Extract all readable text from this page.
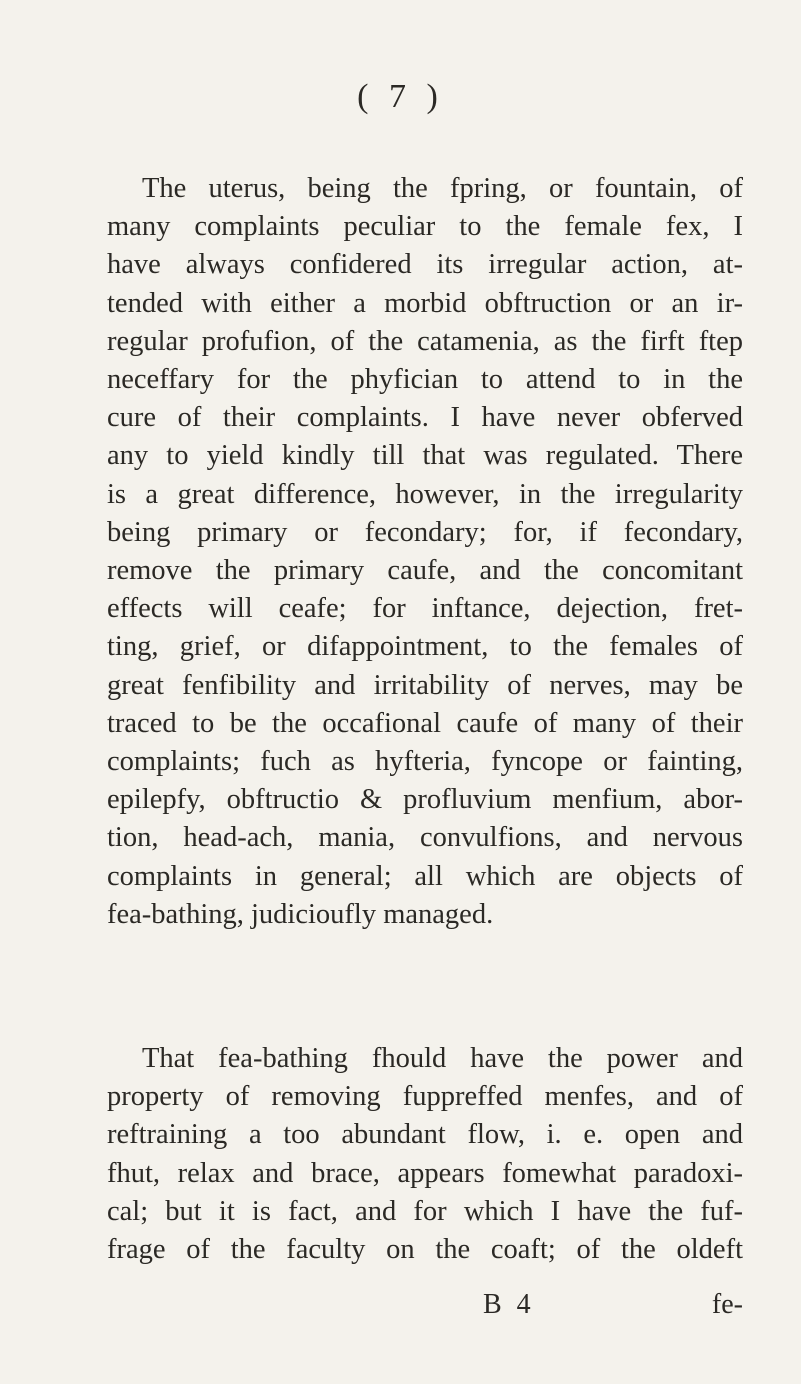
( 7 )
The uterus, being the fpring, or fountain, of
many complaints peculiar to the female fex, I
have always confidered its irregular action, at-
tended with either a morbid obftruction or an ir-
regular profufion, of the catamenia, as the firft ftep
neceffary for the phyfician to attend to in the
cure of their complaints. I have never obferved
any to yield kindly till that was regulated. There
is a great difference, however, in the irregularity
being primary or fecondary; for, if fecondary,
remove the primary caufe, and the concomitant
effects will ceafe; for inftance, dejection, fret-
ting, grief, or difappointment, to the females of
great fenfibility and irritability of nerves, may be
traced to be the occafional caufe of many of their
complaints; fuch as hyfteria, fyncope or fainting,
epilepfy, obftructio & profluvium menfium, abor-
tion, head-ach, mania, convulfions, and nervous
complaints in general; all which are objects of
fea-bathing, judicioufly managed.
That fea-bathing fhould have the power and
property of removing fuppreffed menfes, and of
reftraining a too abundant flow, i. e. open and
fhut, relax and brace, appears fomewhat paradoxi-
cal; but it is fact, and for which I have the fuf-
frage of the faculty on the coaft; of the oldeft
B 4	fe-
